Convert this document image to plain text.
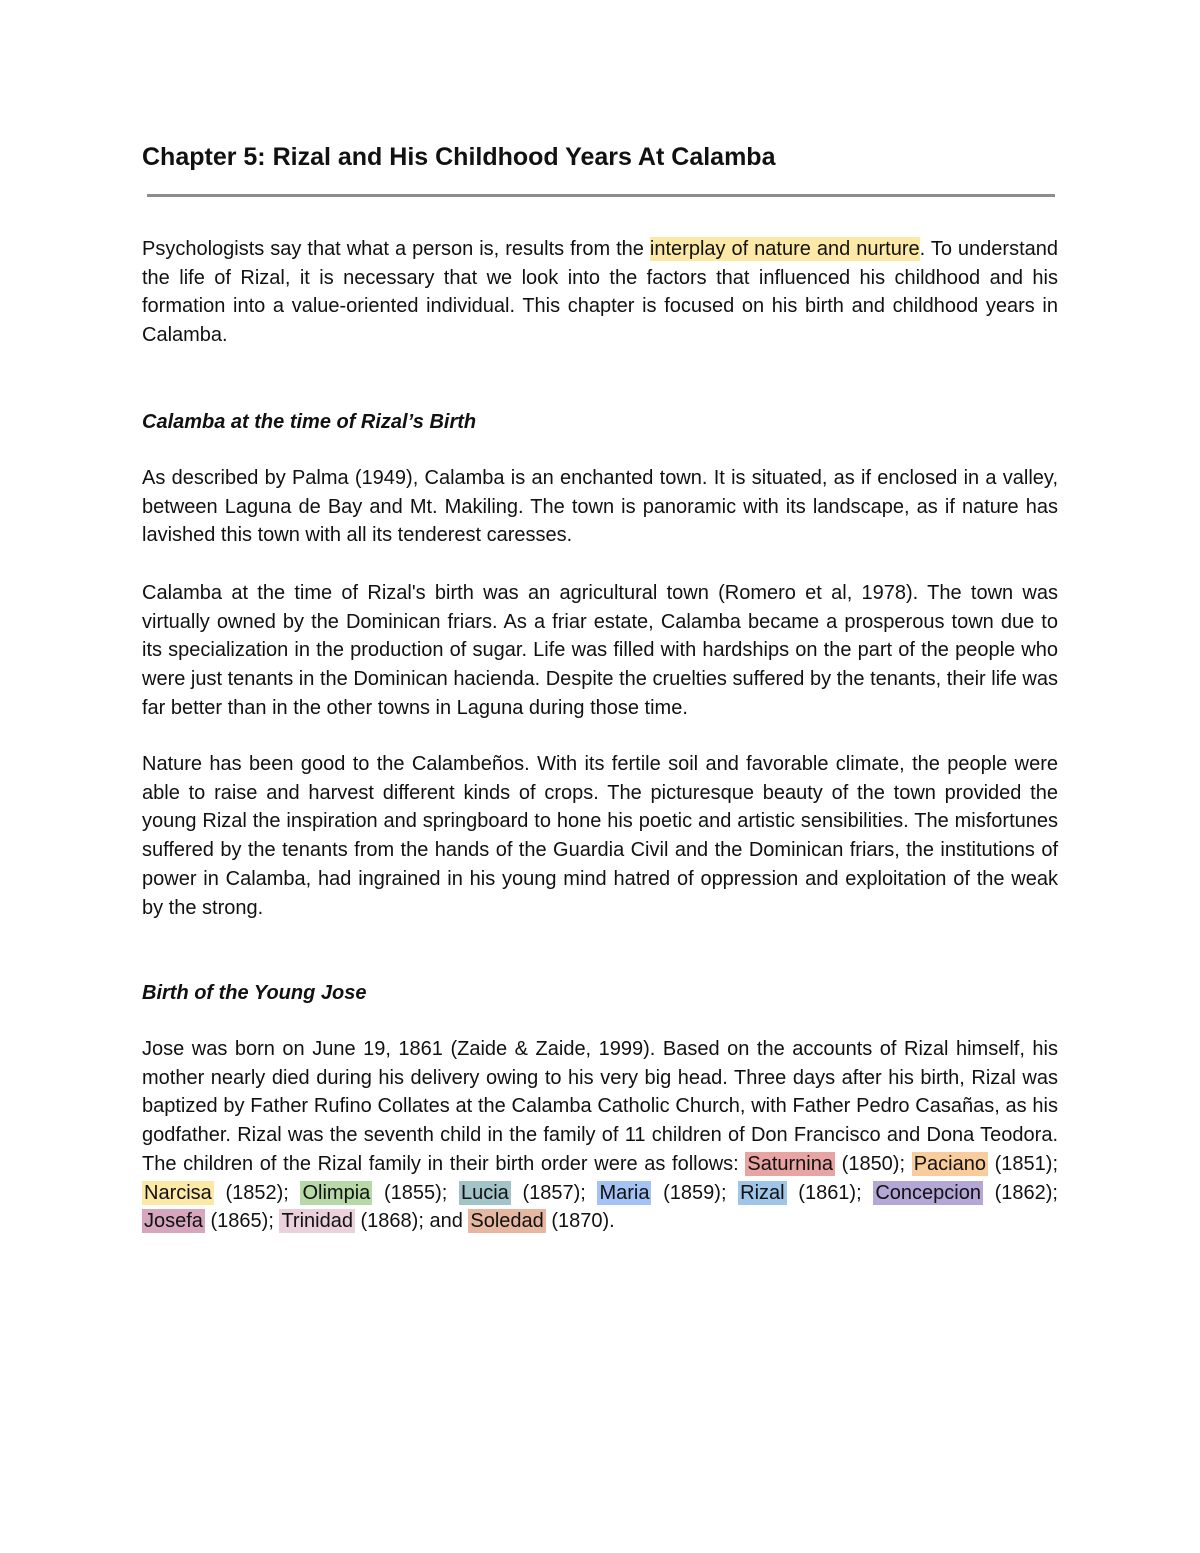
Chapter 5: Rizal and His Childhood Years At Calamba

Psychologists say that what a person is, results from the interplay of nature and nurture. To understand the life of Rizal, it is necessary that we look into the factors that influenced his childhood and his formation into a value-oriented individual. This chapter is focused on his birth and childhood years in Calamba.

Calamba at the time of Rizal’s Birth

As described by Palma (1949), Calamba is an enchanted town. It is situated, as if enclosed in a valley, between Laguna de Bay and Mt. Makiling. The town is panoramic with its landscape, as if nature has lavished this town with all its tenderest caresses.

Calamba at the time of Rizal's birth was an agricultural town (Romero et al, 1978). The town was virtually owned by the Dominican friars. As a friar estate, Calamba became a prosperous town due to its specialization in the production of sugar. Life was filled with hardships on the part of the people who were just tenants in the Dominican hacienda. Despite the cruelties suffered by the tenants, their life was far better than in the other towns in Laguna during those time.

Nature has been good to the Calambeños. With its fertile soil and favorable climate, the people were able to raise and harvest different kinds of crops. The picturesque beauty of the town provided the young Rizal the inspiration and springboard to hone his poetic and artistic sensibilities. The misfortunes suffered by the tenants from the hands of the Guardia Civil and the Dominican friars, the institutions of power in Calamba, had ingrained in his young mind hatred of oppression and exploitation of the weak by the strong.

Birth of the Young Jose

Jose was born on June 19, 1861 (Zaide & Zaide, 1999). Based on the accounts of Rizal himself, his mother nearly died during his delivery owing to his very big head. Three days after his birth, Rizal was baptized by Father Rufino Collates at the Calamba Catholic Church, with Father Pedro Casañas, as his godfather. Rizal was the seventh child in the family of 11 children of Don Francisco and Dona Teodora. The children of the Rizal family in their birth order were as follows: Saturnina (1850); Paciano (1851); Narcisa (1852); Olimpia (1855); Lucia (1857); Maria (1859); Rizal (1861); Concepcion (1862); Josefa (1865); Trinidad (1868); and Soledad (1870).
